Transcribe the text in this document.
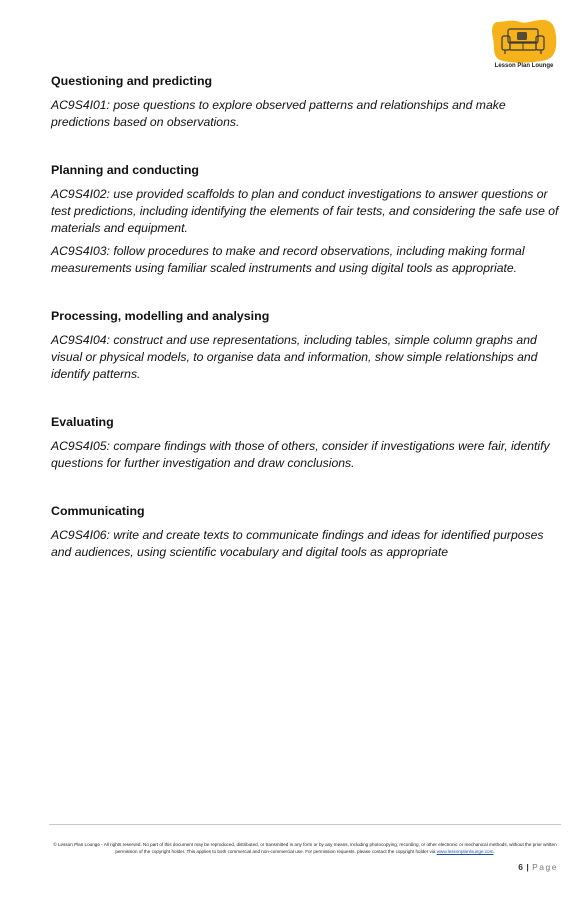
Lesson Plan Lounge
Questioning and predicting

AC9S4I01: pose questions to explore observed patterns and relationships and make predictions based on observations.

Planning and conducting

AC9S4I02: use provided scaffolds to plan and conduct investigations to answer questions or test predictions, including identifying the elements of fair tests, and considering the safe use of materials and equipment.

AC9S4I03: follow procedures to make and record observations, including making formal measurements using familiar scaled instruments and using digital tools as appropriate.

Processing, modelling and analysing

AC9S4I04: construct and use representations, including tables, simple column graphs and visual or physical models, to organise data and information, show simple relationships and identify patterns.

Evaluating

AC9S4I05: compare findings with those of others, consider if investigations were fair, identify questions for further investigation and draw conclusions.

Communicating

AC9S4I06: write and create texts to communicate findings and ideas for identified purposes and audiences, using scientific vocabulary and digital tools as appropriate

© Lesson Plan Lounge - All rights reserved. No part of this document may be reproduced, distributed, or transmitted in any form or by any means, including photocopying, recording, or other electronic or mechanical methods, without the prior written permission of the copyright holder. This applies to both commercial and non-commercial use. For permission requests, please contact the copyright holder via www.lessonplanlounge.com.
6 | Page
